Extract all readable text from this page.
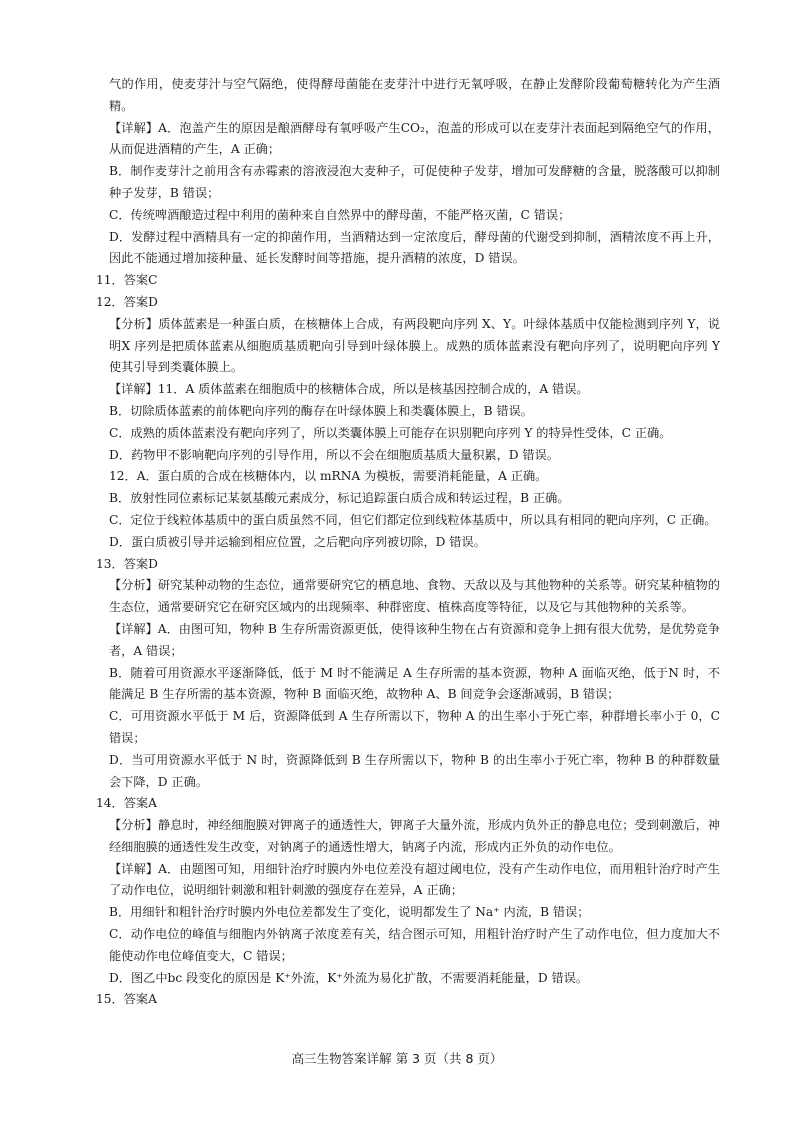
气的作用，使麦芽汁与空气隔绝，使得酵母菌能在麦芽汁中进行无氧呼吸，在静止发酵阶段葡萄糖转化为产生酒精。

【详解】A．泡盖产生的原因是酿酒酵母有氧呼吸产生CO₂，泡盖的形成可以在麦芽汁表面起到隔绝空气的作用，从而促进酒精的产生，A 正确；

B．制作麦芽汁之前用含有赤霉素的溶液浸泡大麦种子，可促使种子发芽，增加可发酵糖的含量，脱落酸可以抑制种子发芽，B 错误；

C．传统啤酒酿造过程中利用的菌种来自自然界中的酵母菌，不能严格灭菌，C 错误；

D．发酵过程中酒精具有一定的抑菌作用，当酒精达到一定浓度后，酵母菌的代谢受到抑制，酒精浓度不再上升，因此不能通过增加接种量、延长发酵时间等措施，提升酒精的浓度，D 错误。

11．答案C

12．答案D

【分析】质体蓝素是一种蛋白质，在核糖体上合成，有两段靶向序列 X、Y。叶绿体基质中仅能检测到序列 Y，说明X 序列是把质体蓝素从细胞质基质靶向引导到叶绿体膜上。成熟的质体蓝素没有靶向序列了，说明靶向序列 Y 使其引导到类囊体膜上。

【详解】11．A 质体蓝素在细胞质中的核糖体合成，所以是核基因控制合成的，A 错误。

B．切除质体蓝素的前体靶向序列的酶存在叶绿体膜上和类囊体膜上，B 错误。

C．成熟的质体蓝素没有靶向序列了，所以类囊体膜上可能存在识别靶向序列 Y 的特异性受体，C 正确。

D．药物甲不影响靶向序列的引导作用，所以不会在细胞质基质大量积累，D 错误。

12．A．蛋白质的合成在核糖体内，以 mRNA 为模板，需要消耗能量，A 正确。

B．放射性同位素标记某氨基酸元素成分，标记追踪蛋白质合成和转运过程，B 正确。

C．定位于线粒体基质中的蛋白质虽然不同，但它们都定位到线粒体基质中，所以具有相同的靶向序列，C 正确。

D．蛋白质被引导并运输到相应位置，之后靶向序列被切除，D 错误。

13．答案D

【分析】研究某种动物的生态位，通常要研究它的栖息地、食物、天敌以及与其他物种的关系等。研究某种植物的生态位，通常要研究它在研究区域内的出现频率、种群密度、植株高度等特征，以及它与其他物种的关系等。

【详解】A．由图可知，物种 B 生存所需资源更低，使得该种生物在占有资源和竞争上拥有很大优势，是优势竞争者，A 错误；

B．随着可用资源水平逐渐降低，低于 M 时不能满足 A 生存所需的基本资源，物种 A 面临灭绝，低于N 时，不能满足 B 生存所需的基本资源，物种 B 面临灭绝，故物种 A、B 间竞争会逐渐减弱，B 错误；

C．可用资源水平低于 M 后，资源降低到 A 生存所需以下，物种 A 的出生率小于死亡率，种群增长率小于 0，C 错误；

D．当可用资源水平低于 N 时，资源降低到 B 生存所需以下，物种 B 的出生率小于死亡率，物种 B 的种群数量会下降，D 正确。

14．答案A

【分析】静息时，神经细胞膜对钾离子的通透性大，钾离子大量外流，形成内负外正的静息电位；受到刺激后，神经细胞膜的通透性发生改变，对钠离子的通透性增大，钠离子内流，形成内正外负的动作电位。

【详解】A．由题图可知，用细针治疗时膜内外电位差没有超过阈电位，没有产生动作电位，而用粗针治疗时产生了动作电位，说明细针刺激和粗针刺激的强度存在差异，A 正确；

B．用细针和粗针治疗时膜内外电位差都发生了变化，说明都发生了 Na⁺ 内流，B 错误；

C．动作电位的峰值与细胞内外钠离子浓度差有关，结合图示可知，用粗针治疗时产生了动作电位，但力度加大不能使动作电位峰值变大，C 错误；

D．图乙中bc 段变化的原因是 K⁺外流，K⁺外流为易化扩散，不需要消耗能量，D 错误。

15．答案A

高三生物答案详解 第 3 页（共 8 页）
